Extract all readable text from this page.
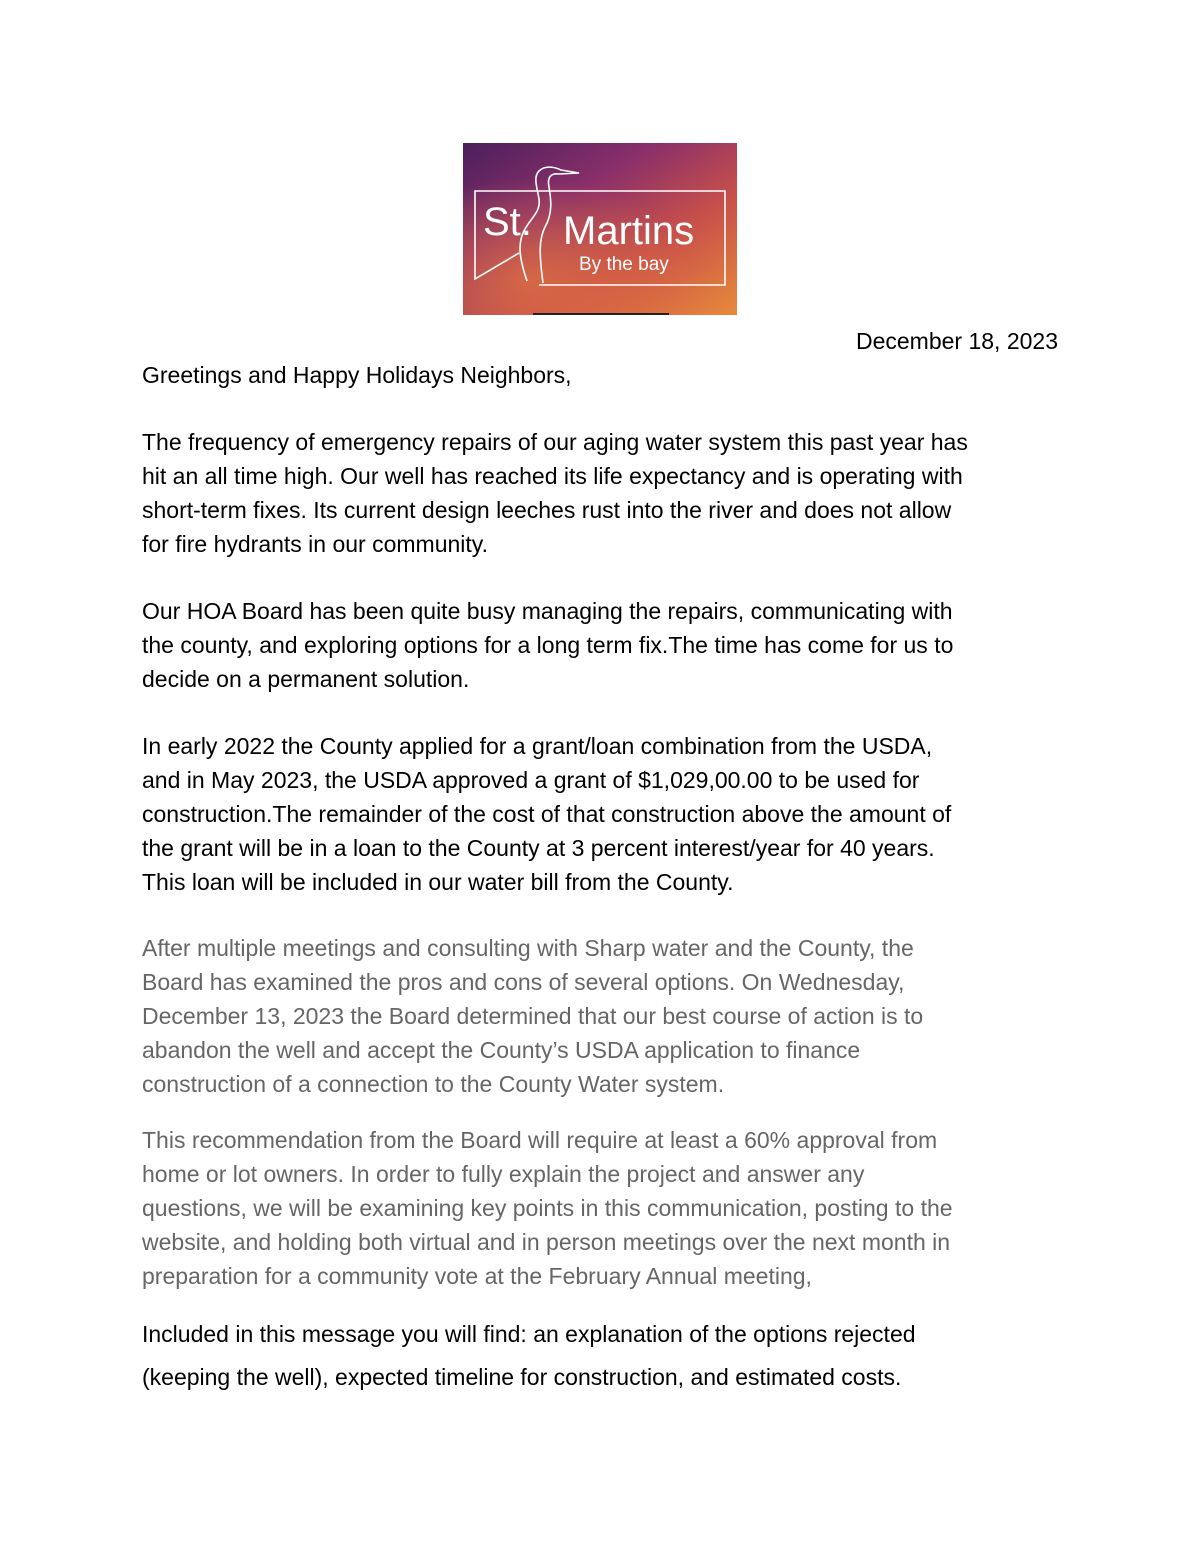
St. Martins
By the bay
December 18, 2023
Greetings and Happy Holidays Neighbors,
The frequency of emergency repairs of our aging water system this past year has
hit an all time high. Our well has reached its life expectancy and is operating with
short-term fixes. Its current design leeches rust into the river and does not allow
for fire hydrants in our community.
Our HOA Board has been quite busy managing the repairs, communicating with
the county, and exploring options for a long term fix.The time has come for us to
decide on a permanent solution.
In early 2022 the County applied for a grant/loan combination from the USDA,
and in May 2023, the USDA approved a grant of $1,029,00.00 to be used for
construction.The remainder of the cost of that construction above the amount of
the grant will be in a loan to the County at 3 percent interest/year for 40 years.
This loan will be included in our water bill from the County.
After multiple meetings and consulting with Sharp water and the County, the
Board has examined the pros and cons of several options. On Wednesday,
December 13, 2023 the Board determined that our best course of action is to
abandon the well and accept the County’s USDA application to finance
construction of a connection to the County Water system.
This recommendation from the Board will require at least a 60% approval from
home or lot owners. In order to fully explain the project and answer any
questions, we will be examining key points in this communication, posting to the
website, and holding both virtual and in person meetings over the next month in
preparation for a community vote at the February Annual meeting,
Included in this message you will find: an explanation of the options rejected
(keeping the well), expected timeline for construction, and estimated costs.
